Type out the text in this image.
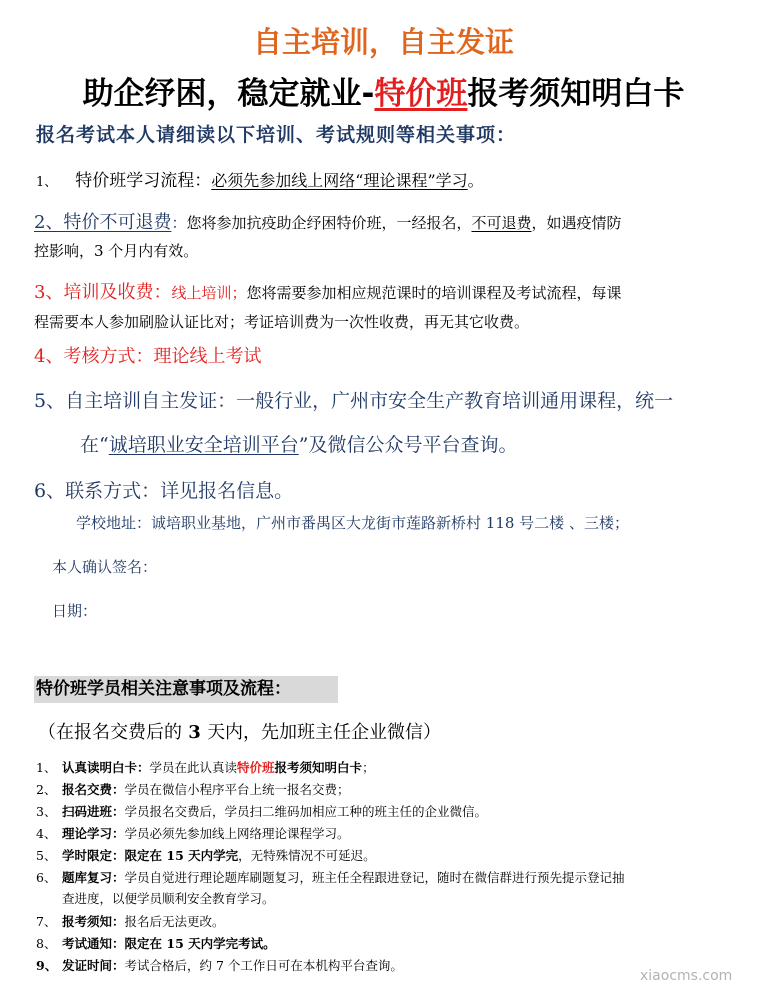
自主培训，自主发证
助企纾困，稳定就业-特价班报考须知明白卡
报名考试本人请细读以下培训、考试规则等相关事项：
1、 特价班学习流程：必须先参加线上网络“理论课程”学习。
2、特价不可退费：您将参加抗疫助企纾困特价班，一经报名，不可退费，如遇疫情防
控影响，3 个月内有效。
3、培训及收费：线上培训；您将需要参加相应规范课时的培训课程及考试流程，每课
程需要本人参加刷脸认证比对；考证培训费为一次性收费，再无其它收费。
4、考核方式：理论线上考试
5、自主培训自主发证：一般行业，广州市安全生产教育培训通用课程，统一
在“诚培职业安全培训平台”及微信公众号平台查询。
6、联系方式：详见报名信息。
学校地址：诚培职业基地，广州市番禺区大龙街市莲路新桥村 118 号二楼 、三楼；
本人确认签名：
日期：
特价班学员相关注意事项及流程：
（在报名交费后的 3 天内，先加班主任企业微信）
1、 认真读明白卡：学员在此认真读特价班报考须知明白卡；
2、 报名交费：学员在微信小程序平台上统一报名交费；
3、 扫码进班：学员报名交费后，学员扫二维码加相应工种的班主任的企业微信。
4、 理论学习：学员必须先参加线上网络理论课程学习。
5、 学时限定：限定在 15 天内学完，无特殊情况不可延迟。
6、 题库复习：学员自觉进行理论题库刷题复习，班主任全程跟进登记，随时在微信群进行预先提示登记抽
查进度，以便学员顺利安全教育学习。
7、 报考须知：报名后无法更改。
8、 考试通知：限定在 15 天内学完考试。
9、 发证时间：考试合格后，约 7 个工作日可在本机构平台查询。
xiaocms.com
